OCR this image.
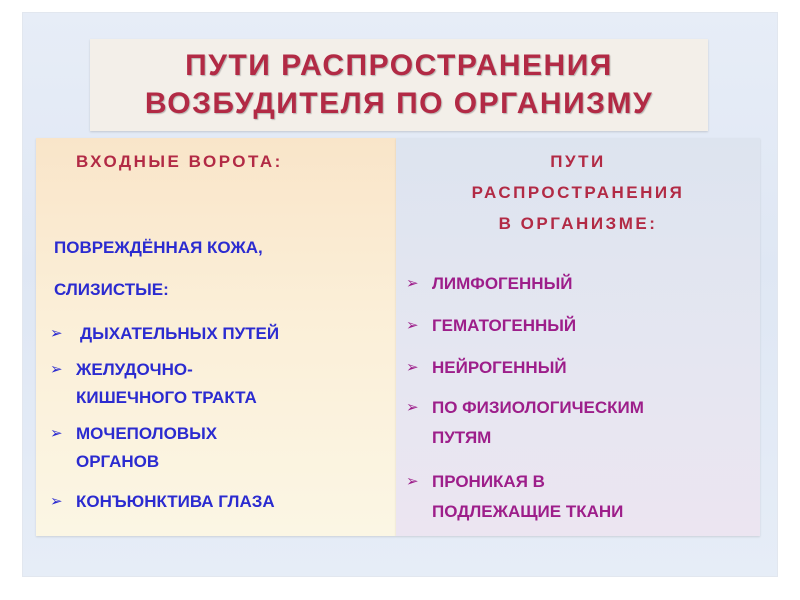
ПУТИ РАСПРОСТРАНЕНИЯ
ВОЗБУДИТЕЛЯ ПО ОРГАНИЗМУ
ВХОДНЫЕ ВОРОТА:
ПОВРЕЖДЁННАЯ КОЖА,
СЛИЗИСТЫЕ:
➢ ДЫХАТЕЛЬНЫХ ПУТЕЙ
➢ ЖЕЛУДОЧНО-
КИШЕЧНОГО ТРАКТА
➢ МОЧЕПОЛОВЫХ
ОРГАНОВ
➢ КОНЪЮНКТИВА ГЛАЗА
ПУТИ
РАСПРОСТРАНЕНИЯ
В ОРГАНИЗМЕ:
➢ ЛИМФОГЕННЫЙ
➢ ГЕМАТОГЕННЫЙ
➢ НЕЙРОГЕННЫЙ
➢ ПО ФИЗИОЛОГИЧЕСКИМ
ПУТЯМ
➢ ПРОНИКАЯ В
ПОДЛЕЖАЩИЕ ТКАНИ
